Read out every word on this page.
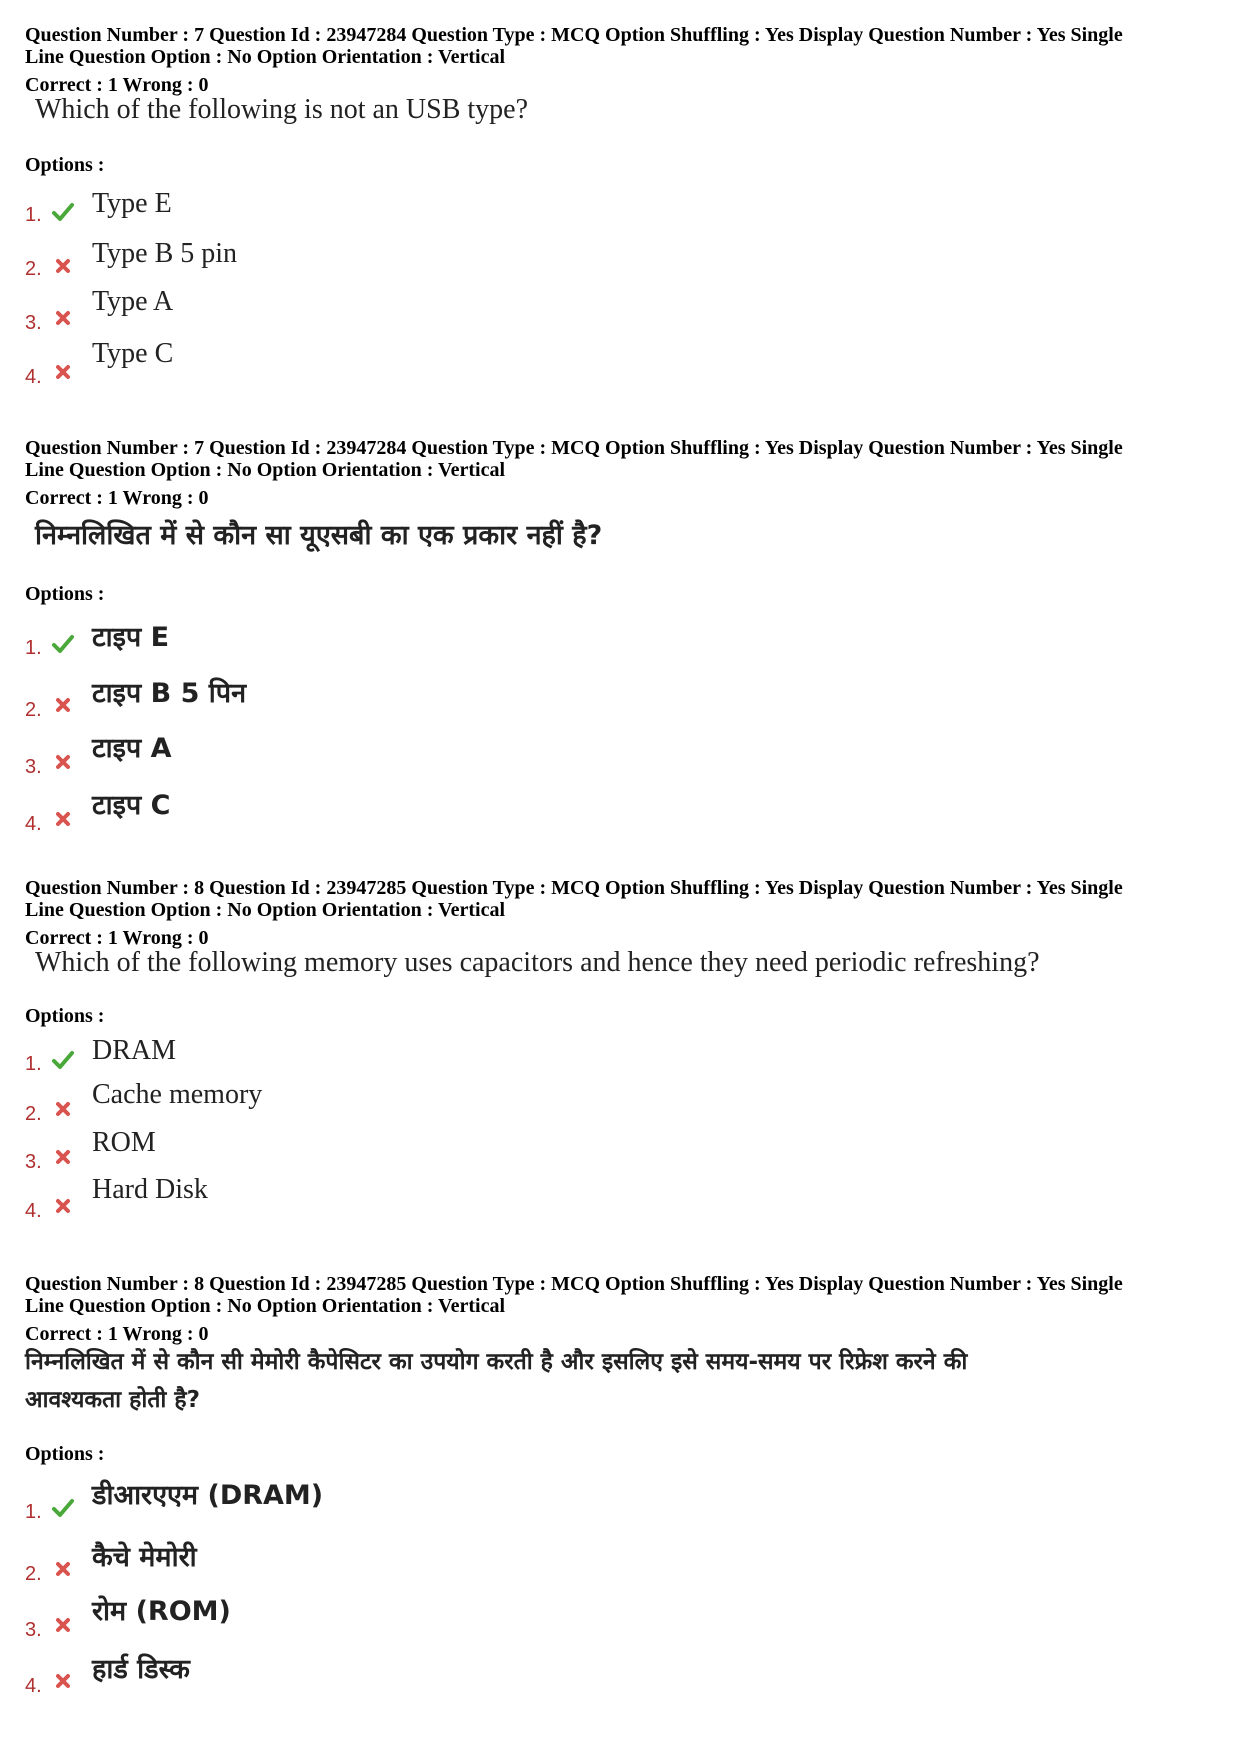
Question Number : 7 Question Id : 23947284 Question Type : MCQ Option Shuffling : Yes Display Question Number : Yes Single
Line Question Option : No Option Orientation : Vertical
Correct : 1 Wrong : 0
Which of the following is not an USB type?
Options :
1. Type E
2. Type B 5 pin
3.
Type A
4.
Type C
Question Number : 7 Question Id : 23947284 Question Type : MCQ Option Shuffling : Yes Display Question Number : Yes Single
Line Question Option : No Option Orientation : Vertical
Correct : 1 Wrong : 0
निम्नलिखित में से कौन सा यूएसबी का एक प्रकार नहीं है?
Options :
1. टाइप E
2.
टाइप B 5 पिन
3.
टाइप A
4.
टाइप C
Question Number : 8 Question Id : 23947285 Question Type : MCQ Option Shuffling : Yes Display Question Number : Yes Single
Line Question Option : No Option Orientation : Vertical
Correct : 1 Wrong : 0
Which of the following memory uses capacitors and hence they need periodic refreshing?
Options :
1. DRAM
2.
Cache memory
3.
ROM
4.
Hard Disk
Question Number : 8 Question Id : 23947285 Question Type : MCQ Option Shuffling : Yes Display Question Number : Yes Single
Line Question Option : No Option Orientation : Vertical
Correct : 1 Wrong : 0
निम्नलिखित में से कौन सी मेमोरी कैपेसिटर का उपयोग करती है और इसलिए इसे समय-समय पर रिफ्रेश करने की
आवश्यकता होती है?
Options :
1.
डीआरएएम (DRAM)
2.
कैचे मेमोरी
3.
रोम (ROM)
4.
हार्ड डिस्क
